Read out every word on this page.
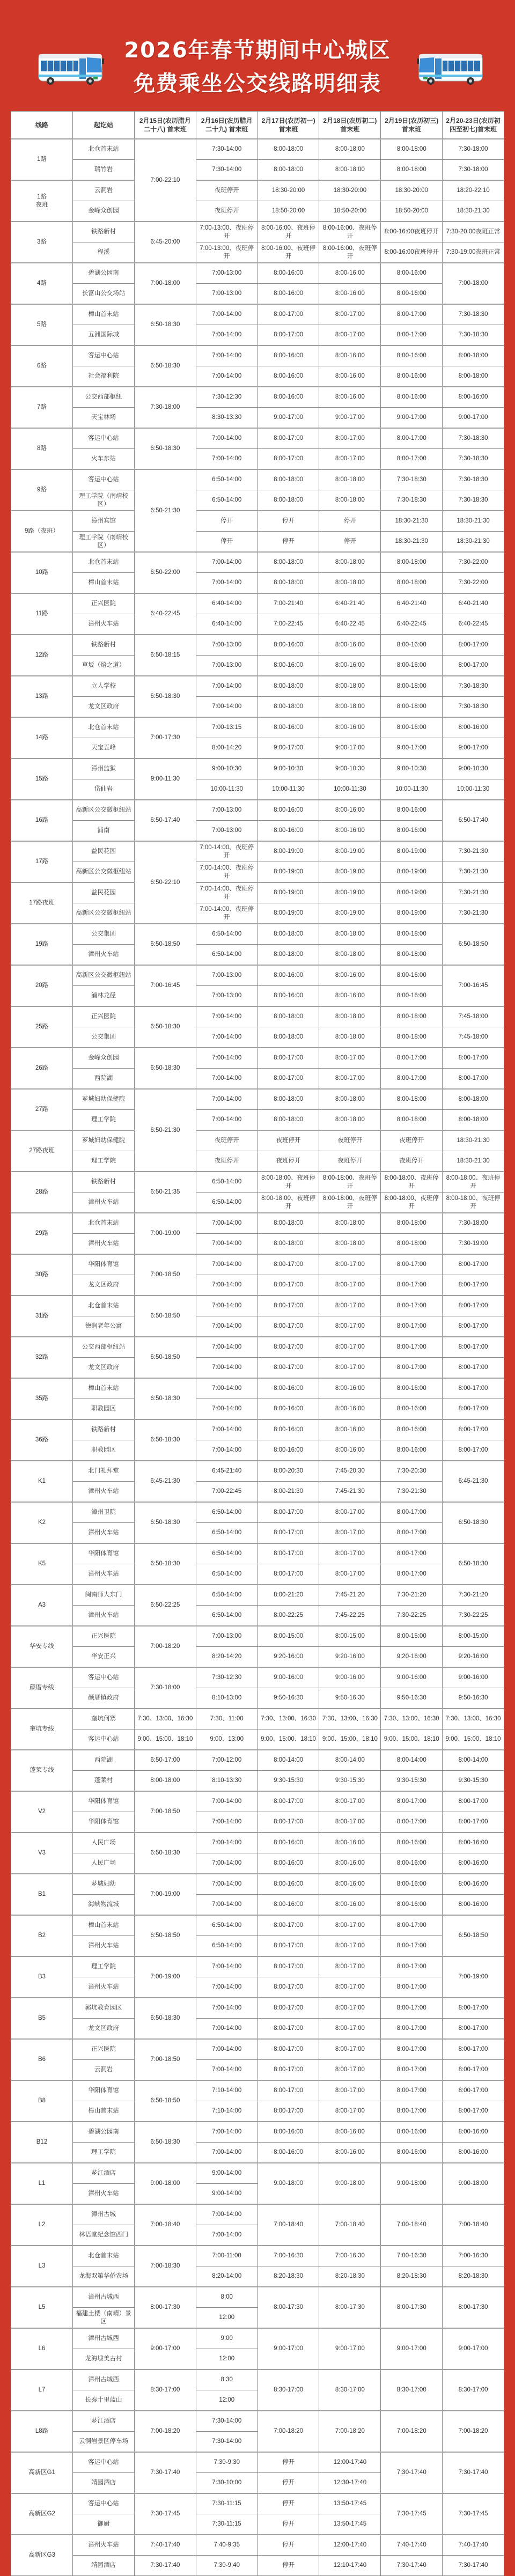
2026年春节期间中心城区
免费乘坐公交线路明细表
线路	起讫站	2月15日(农历腊月二十八) 首末班	2月16日(农历腊月二十九) 首末班	2月17日(农历初一) 首末班	2月18日(农历初二) 首末班	2月19日(农历初三) 首末班	2月20-23日(农历初四至初七)首末班
1路	北仓首末站	7:00-22:10	7:30-14:00	8:00-18:00	8:00-18:00	8:00-18:00	7:30-18:00
	瑞竹岩		7:30-14:00	8:00-18:00	8:00-18:00	8:00-18:00	7:30-18:00
1路
夜班	云洞岩		夜班停开	18:30-20:00	18:30-20:00	18:30-20:00	18:20-22:10
	金峰众创园		夜班停开	18:50-20:00	18:50-20:00	18:50-20:00	18:30-21:30
3路	铁路新村	6:45-20:00	7:00-13:00、夜班停开	8:00-16:00、夜班停开	8:00-16:00、夜班停开	8:00-16:00夜班停开	7:30-20:00夜班正常
	程溪		7:00-13:00、夜班停开	8:00-16:00、夜班停开	8:00-16:00、夜班停开	8:00-16:00夜班停开	7:30-19:00夜班正常
4路	碧湖公园南	7:00-18:00	7:00-13:00	8:00-16:00	8:00-16:00	8:00-16:00	7:00-18:00
	长富山公交场站		7:00-13:00	8:00-16:00	8:00-16:00	8:00-16:00	
5路	樟山首末站	6:50-18:30	7:00-14:00	8:00-17:00	8:00-17:00	8:00-17:00	7:30-18:30
	五洲国际城		7:00-14:00	8:00-17:00	8:00-17:00	8:00-17:00	7:30-18:30
6路	客运中心站	6:50-18:30	7:00-14:00	8:00-16:00	8:00-16:00	8:00-16:00	8:00-18:00
	社会福利院		7:00-14:00	8:00-16:00	8:00-16:00	8:00-16:00	8:00-18:00
7路	公交西部枢纽	7:30-18:00	7:30-12:30	8:00-16:00	8:00-16:00	8:00-16:00	8:00-16:00
	天宝林场		8:30-13:30	9:00-17:00	9:00-17:00	9:00-17:00	9:00-17:00
8路	客运中心站	6:50-18:30	7:00-14:00	8:00-17:00	8:00-17:00	8:00-17:00	7:30-18:30
	火车东站		7:00-14:00	8:00-17:00	8:00-17:00	8:00-17:00	7:30-18:30
9路	客运中心站	6:50-21:30	6:50-14:00	8:00-18:00	8:00-18:00	7:30-18:30	7:30-18:30
	理工学院（南靖校区）		6:50-14:00	8:00-18:00	8:00-18:00	7:30-18:30	7:30-18:30
9路（夜班）	漳州宾馆		停开	停开	停开	18:30-21:30	18:30-21:30
	理工学院（南靖校区）		停开	停开	停开	18:30-21:30	18:30-21:30
10路	北仓首末站	6:50-22:00	7:00-14:00	8:00-18:00	8:00-18:00	8:00-18:00	7:30-22:00
	樟山首末站		7:00-14:00	8:00-18:00	8:00-18:00	8:00-18:00	7:30-22:00
11路	正兴医院	6:40-22:45	6:40-14:00	7:00-21:40	6:40-21:40	6:40-21:40	6:40-21:40
	漳州火车站		6:40-14:00	7:00-22:45	6:40-22:45	6:40-22:45	6:40-22:45
12路	铁路新村	6:50-18:15	7:00-13:00	8:00-16:00	8:00-16:00	8:00-16:00	8:00-17:00
	草坂（焙之道）		7:00-13:00	8:00-16:00	8:00-16:00	8:00-16:00	8:00-17:00
13路	立人学校	6:50-18:30	7:00-14:00	8:00-18:00	8:00-18:00	8:00-18:00	7:30-18:30
	龙文区政府		7:00-14:00	8:00-18:00	8:00-18:00	8:00-18:00	7:30-18:30
14路	北仓首末站	7:00-17:30	7:00-13:15	8:00-16:00	8:00-16:00	8:00-16:00	8:00-16:00
	天宝五峰		8:00-14:20	9:00-17:00	9:00-17:00	9:00-17:00	9:00-17:00
15路	漳州监狱	9:00-11:30	9:00-10:30	9:00-10:30	9:00-10:30	9:00-10:30	9:00-10:30
	岱仙岩		10:00-11:30	10:00-11:30	10:00-11:30	10:00-11:30	10:00-11:30
16路	高新区公交微枢纽站	6:50-17:40	7:00-13:00	8:00-16:00	8:00-16:00	8:00-16:00	6:50-17:40
	浦南		7:00-13:00	8:00-16:00	8:00-16:00	8:00-16:00	
17路	益民花园	6:50-22:10	7:00-14:00、夜班停开	8:00-19:00	8:00-19:00	8:00-19:00	7:30-21:30
	高新区公交微枢纽站		7:00-14:00、夜班停开	8:00-19:00	8:00-19:00	8:00-19:00	7:30-21:30
17路夜班	益民花园		7:00-14:00、夜班停开	8:00-19:00	8:00-19:00	8:00-19:00	7:30-21:30
	高新区公交微枢纽站		7:00-14:00、夜班停开	8:00-19:00	8:00-19:00	8:00-19:00	7:30-21:30
19路	公交集团	6:50-18:50	6:50-14:00	8:00-18:00	8:00-18:00	8:00-18:00	6:50-18:50
	漳州火车站		6:50-14:00	8:00-18:00	8:00-18:00	8:00-18:00	
20路	高新区公交微枢纽站	7:00-16:45	7:00-13:00	8:00-16:00	8:00-16:00	8:00-16:00	7:00-16:45
	浦林龙径		7:00-13:00	8:00-16:00	8:00-16:00	8:00-16:00	
25路	正兴医院	6:50-18:30	7:00-14:00	8:00-18:00	8:00-18:00	8:00-18:00	7:45-18:00
	公交集团		7:00-14:00	8:00-18:00	8:00-18:00	8:00-18:00	7:45-18:00
26路	金峰众创园	6:50-18:30	7:00-14:00	8:00-17:00	8:00-17:00	8:00-17:00	8:00-17:00
	西院湖		7:00-14:00	8:00-17:00	8:00-17:00	8:00-17:00	8:00-17:00
27路	芗城妇幼保健院	6:50-21:30	7:00-14:00	8:00-18:00	8:00-18:00	8:00-18:00	8:00-18:00
	理工学院		7:00-14:00	8:00-18:00	8:00-18:00	8:00-18:00	8:00-18:00
27路夜班	芗城妇幼保健院		夜班停开	夜班停开	夜班停开	夜班停开	18:30-21:30
	理工学院		夜班停开	夜班停开	夜班停开	夜班停开	18:30-21:30
28路	铁路新村	6:50-21:35	6:50-14:00	8:00-18:00、夜班停开	8:00-18:00、夜班停开	8:00-18:00、夜班停开	8:00-18:00、夜班停开
	漳州火车站		6:50-14:00	8:00-18:00、夜班停开	8:00-18:00、夜班停开	8:00-18:00、夜班停开	8:00-18:00、夜班停开
29路	北仓首末站	7:00-19:00	7:00-14:00	8:00-18:00	8:00-18:00	8:00-18:00	7:30-18:00
	漳州火车站		7:00-14:00	8:00-18:00	8:00-18:00	8:00-18:00	7:30-19:00
30路	华阳体育馆	7:00-18:50	7:00-14:00	8:00-17:00	8:00-17:00	8:00-17:00	8:00-17:00
	龙文区政府		7:00-14:00	8:00-17:00	8:00-17:00	8:00-17:00	8:00-17:00
31路	北仓首末站	6:50-18:50	7:00-14:00	8:00-17:00	8:00-17:00	8:00-17:00	8:00-17:00
	德润老年公寓		7:00-14:00	8:00-17:00	8:00-17:00	8:00-17:00	8:00-17:00
32路	公交西部枢纽站	6:50-18:50	7:00-14:00	8:00-17:00	8:00-17:00	8:00-17:00	8:00-17:00
	龙文区政府		7:00-14:00	8:00-17:00	8:00-17:00	8:00-17:00	8:00-17:00
35路	樟山首末站	6:50-18:30	7:00-14:00	8:00-16:00	8:00-16:00	8:00-16:00	8:00-17:00
	职教园区		7:00-14:00	8:00-16:00	8:00-16:00	8:00-16:00	8:00-17:00
36路	铁路新村	6:50-18:30	7:00-14:00	8:00-16:00	8:00-16:00	8:00-16:00	8:00-17:00
	职教园区		7:00-14:00	8:00-16:00	8:00-16:00	8:00-16:00	8:00-17:00
K1	北门礼拜堂	6:45-21:30	6:45-21:40	8:00-20:30	7:45-20:30	7:30-20:30	6:45-21:30
	漳州火车站		7:00-22:45	8:00-21:30	7:45-21:30	7:30-21:30	
K2	漳州卫院	6:50-18:30	6:50-14:00	8:00-17:00	8:00-17:00	8:00-17:00	6:50-18:30
	漳州火车站		6:50-14:00	8:00-17:00	8:00-17:00	8:00-17:00	
K5	华阳体育馆	6:50-18:30	6:50-14:00	8:00-17:00	8:00-17:00	8:00-17:00	6:50-18:30
	漳州火车站		6:50-14:00	8:00-17:00	8:00-17:00	8:00-17:00	
A3	闽南师大东门	6:50-22:25	6:50-14:00	8:00-21:20	7:45-21:20	7:30-21:20	7:30-21:20
	漳州火车站		6:50-14:00	8:00-22:25	7:45-22:25	7:30-22:25	7:30-22:25
华安专线	正兴医院	7:00-18:20	7:00-13:00	8:00-15:00	8:00-15:00	8:00-15:00	8:00-15:00
	华安正兴		8:20-14:20	9:20-16:00	9:20-16:00	9:20-16:00	9:20-16:00
颜厝专线	客运中心站	7:30-18:00	7:30-12:30	9:00-16:00	9:00-16:00	9:00-16:00	9:00-16:00
	颜厝镇政府		8:10-13:00	9:50-16:30	9:50-16:30	9:50-16:30	9:50-16:30
奎坑专线	奎坑何寨	7:30、13:00、16:30	7:30、11:00	7:30、13:00、16:30	7:30、13:00、16:30	7:30、13:00、16:30	7:30、13:00、16:30
	客运中心站	9:00、15:00、18:10	9:00、13:00	9:00、15:00、18:10	9:00、15:00、18:10	9:00、15:00、18:10	9:00、15:00、18:10
蓬莱专线	西院湖	6:50-17:00	7:00-12:00	8:00-14:00	8:00-14:00	8:00-14:00	8:00-14:00
	蓬莱村	8:00-18:00	8:10-13:30	9:30-15:30	9:30-15:30	9:30-15:30	9:30-15:30
V2	华阳体育馆	7:00-18:50	7:00-14:00	8:00-17:00	8:00-17:00	8:00-17:00	8:00-17:00
	华阳体育馆		7:00-14:00	8:00-17:00	8:00-17:00	8:00-17:00	8:00-17:00
V3	人民广场	6:50-18:30	7:00-14:00	8:00-16:00	8:00-16:00	8:00-16:00	8:00-16:00
	人民广场		7:00-14:00	8:00-16:00	8:00-16:00	8:00-16:00	8:00-16:00
B1	芗城妇幼	7:00-19:00	7:00-14:00	8:00-16:00	8:00-16:00	8:00-16:00	8:00-16:00
	海峡物流城		7:00-14:00	8:00-16:00	8:00-16:00	8:00-16:00	8:00-16:00
B2	樟山首末站	6:50-18:50	6:50-14:00	8:00-17:00	8:00-17:00	8:00-17:00	6:50-18:50
	漳州火车站		6:50-14:00	8:00-17:00	8:00-17:00	8:00-17:00	
B3	理工学院	7:00-19:00	7:00-14:00	8:00-17:00	8:00-17:00	8:00-17:00	7:00-19:00
	漳州火车站		7:00-14:00	8:00-17:00	8:00-17:00	8:00-17:00	
B5	郭坑教育园区	6:50-18:30	7:00-14:00	8:00-17:00	8:00-17:00	8:00-17:00	8:00-17:00
	龙文区政府		7:00-14:00	8:00-17:00	8:00-17:00	8:00-17:00	8:00-17:00
B6	正兴医院	7:00-18:50	7:00-14:00	8:00-17:00	8:00-17:00	8:00-17:00	8:00-17:00
	云洞岩		7:00-14:00	8:00-17:00	8:00-17:00	8:00-17:00	8:00-17:00
B8	华阳体育馆	6:50-18:50	7:10-14:00	8:00-17:00	8:00-17:00	8:00-17:00	8:00-17:00
	樟山首末站		7:10-14:00	8:00-17:00	8:00-17:00	8:00-17:00	8:00-17:00
B12	碧湖公园南	6:50-18:30	7:00-14:00	8:00-16:00	8:00-16:00	8:00-16:00	8:00-16:00
	理工学院		7:00-14:00	8:00-16:00	8:00-16:00	8:00-16:00	8:00-16:00
L1	芗江酒店	9:00-18:00	9:00-14:00	9:00-18:00	9:00-18:00	9:00-18:00	9:00-18:00
	漳州火车站		9:00-14:00				
L2	漳州古城	7:00-18:40	7:00-14:00	7:00-18:40	7:00-18:40	7:00-18:40	7:00-18:40
	林语堂纪念馆西门		7:00-14:00				
L3	北仓首末站	7:00-18:30	7:00-11:00	7:00-16:30	7:00-16:30	7:00-16:30	7:00-16:30
	龙海双第华侨农场		8:20-14:00	8:20-18:30	8:20-18:30	8:20-18:30	8:20-18:30
L5	漳州古城西	8:00-17:30	8:00	8:00-17:30	8:00-17:30	8:00-17:30	8:00-17:30
	福建土楼（南靖）景区		12:00				
L6	漳州古城西	9:00-17:00	9:00	9:00-17:00	9:00-17:00	9:00-17:00	9:00-17:00
	龙海埭美古村		12:00				
L7	漳州古城西	8:30-17:00	8:30	8:30-17:00	8:30-17:00	8:30-17:00	8:30-17:00
	长泰十里蓝山		12:00				
L8路	芗江酒店	7:00-18:20	7:30-14:00	7:00-18:20	7:00-18:20	7:00-18:20	7:00-18:20
	云洞岩景区停车场		7:30-14:00				
高新区G1	客运中心站	7:30-17:40	7:30-9:30	停开	12:00-17:40	7:30-17:40	7:30-17:40
	靖园酒店		7:30-10:00	停开	12:30-17:40		
高新区G2	客运中心站	7:30-17:45	7:30-11:15	停开	13:50-17:45	7:30-17:45	7:30-17:45
	御厨		7:30-11:15	停开	13:50-17:45		
高新区G3	漳州火车站	7:40-17:40	7:40-9:35	停开	12:00-17:40	7:40-17:40	7:40-17:40
	靖园酒店	7:30-17:40	7:30-9:40	停开	12:10-17:40	7:30-17:40	7:30-17:40
